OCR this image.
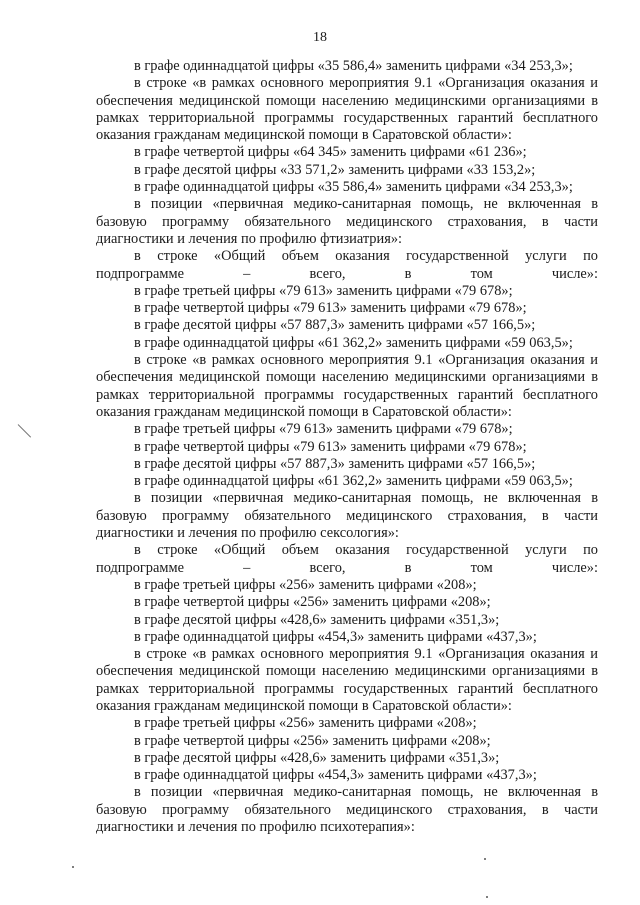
18

в графе одиннадцатой цифры «35 586,4» заменить цифрами «34 253,3»;

в строке «в рамках основного мероприятия 9.1 «Организация оказания и обеспечения медицинской помощи населению медицинскими организациями в рамках территориальной программы государственных гарантий бесплатного оказания гражданам медицинской помощи в Саратовской области»:

в графе четвертой цифры «64 345» заменить цифрами «61 236»;

в графе десятой цифры «33 571,2» заменить цифрами «33 153,2»;

в графе одиннадцатой цифры «35 586,4» заменить цифрами «34 253,3»;

в позиции «первичная медико-санитарная помощь, не включенная в базовую программу обязательного медицинского страхования, в части диагностики и лечения по профилю фтизиатрия»:

в строке «Общий объем оказания государственной услуги по подпрограмме – всего, в том числе»:

в графе третьей цифры «79 613» заменить цифрами «79 678»;

в графе четвертой цифры «79 613» заменить цифрами «79 678»;

в графе десятой цифры «57 887,3» заменить цифрами «57 166,5»;

в графе одиннадцатой цифры «61 362,2» заменить цифрами «59 063,5»;

в строке «в рамках основного мероприятия 9.1 «Организация оказания и обеспечения медицинской помощи населению медицинскими организациями в рамках территориальной программы государственных гарантий бесплатного оказания гражданам медицинской помощи в Саратовской области»:

в графе третьей цифры «79 613» заменить цифрами «79 678»;

в графе четвертой цифры «79 613» заменить цифрами «79 678»;

в графе десятой цифры «57 887,3» заменить цифрами «57 166,5»;

в графе одиннадцатой цифры «61 362,2» заменить цифрами «59 063,5»;

в позиции «первичная медико-санитарная помощь, не включенная в базовую программу обязательного медицинского страхования, в части диагностики и лечения по профилю сексология»:

в строке «Общий объем оказания государственной услуги по подпрограмме – всего, в том числе»:

в графе третьей цифры «256» заменить цифрами «208»;

в графе четвертой цифры «256» заменить цифрами «208»;

в графе десятой цифры «428,6» заменить цифрами «351,3»;

в графе одиннадцатой цифры «454,3» заменить цифрами «437,3»;

в строке «в рамках основного мероприятия 9.1 «Организация оказания и обеспечения медицинской помощи населению медицинскими организациями в рамках территориальной программы государственных гарантий бесплатного оказания гражданам медицинской помощи в Саратовской области»:

в графе третьей цифры «256» заменить цифрами «208»;

в графе четвертой цифры «256» заменить цифрами «208»;

в графе десятой цифры «428,6» заменить цифрами «351,3»;

в графе одиннадцатой цифры «454,3» заменить цифрами «437,3»;

в позиции «первичная медико-санитарная помощь, не включенная в базовую программу обязательного медицинского страхования, в части диагностики и лечения по профилю психотерапия»:
